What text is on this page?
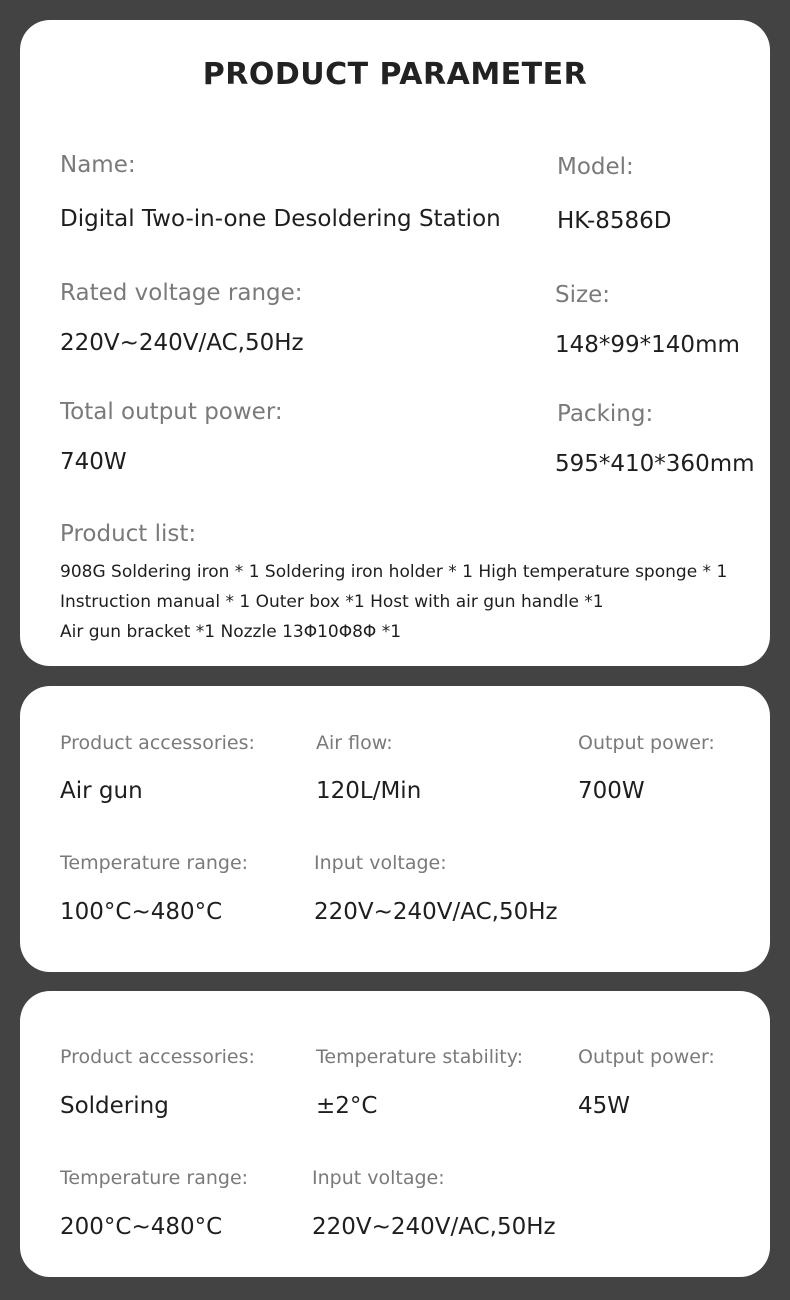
PRODUCT PARAMETER
Name:
Digital Two-in-one Desoldering Station
Model:
HK-8586D
Rated voltage range:
220V~240V/AC,50Hz
Size:
148*99*140mm
Total output power:
740W
Packing:
595*410*360mm
Product list:
908G Soldering iron * 1 Soldering iron holder * 1 High temperature sponge * 1
Instruction manual * 1 Outer box *1 Host with air gun handle *1
Air gun bracket *1 Nozzle 13Φ10Φ8Φ *1
Product accessories:
Air gun
Air flow:
120L/Min
Output power:
700W
Temperature range:
100°C~480°C
Input voltage:
220V~240V/AC,50Hz
Product accessories:
Soldering
Temperature stability:
±2°C
Output power:
45W
Temperature range:
200°C~480°C
Input voltage:
220V~240V/AC,50Hz
